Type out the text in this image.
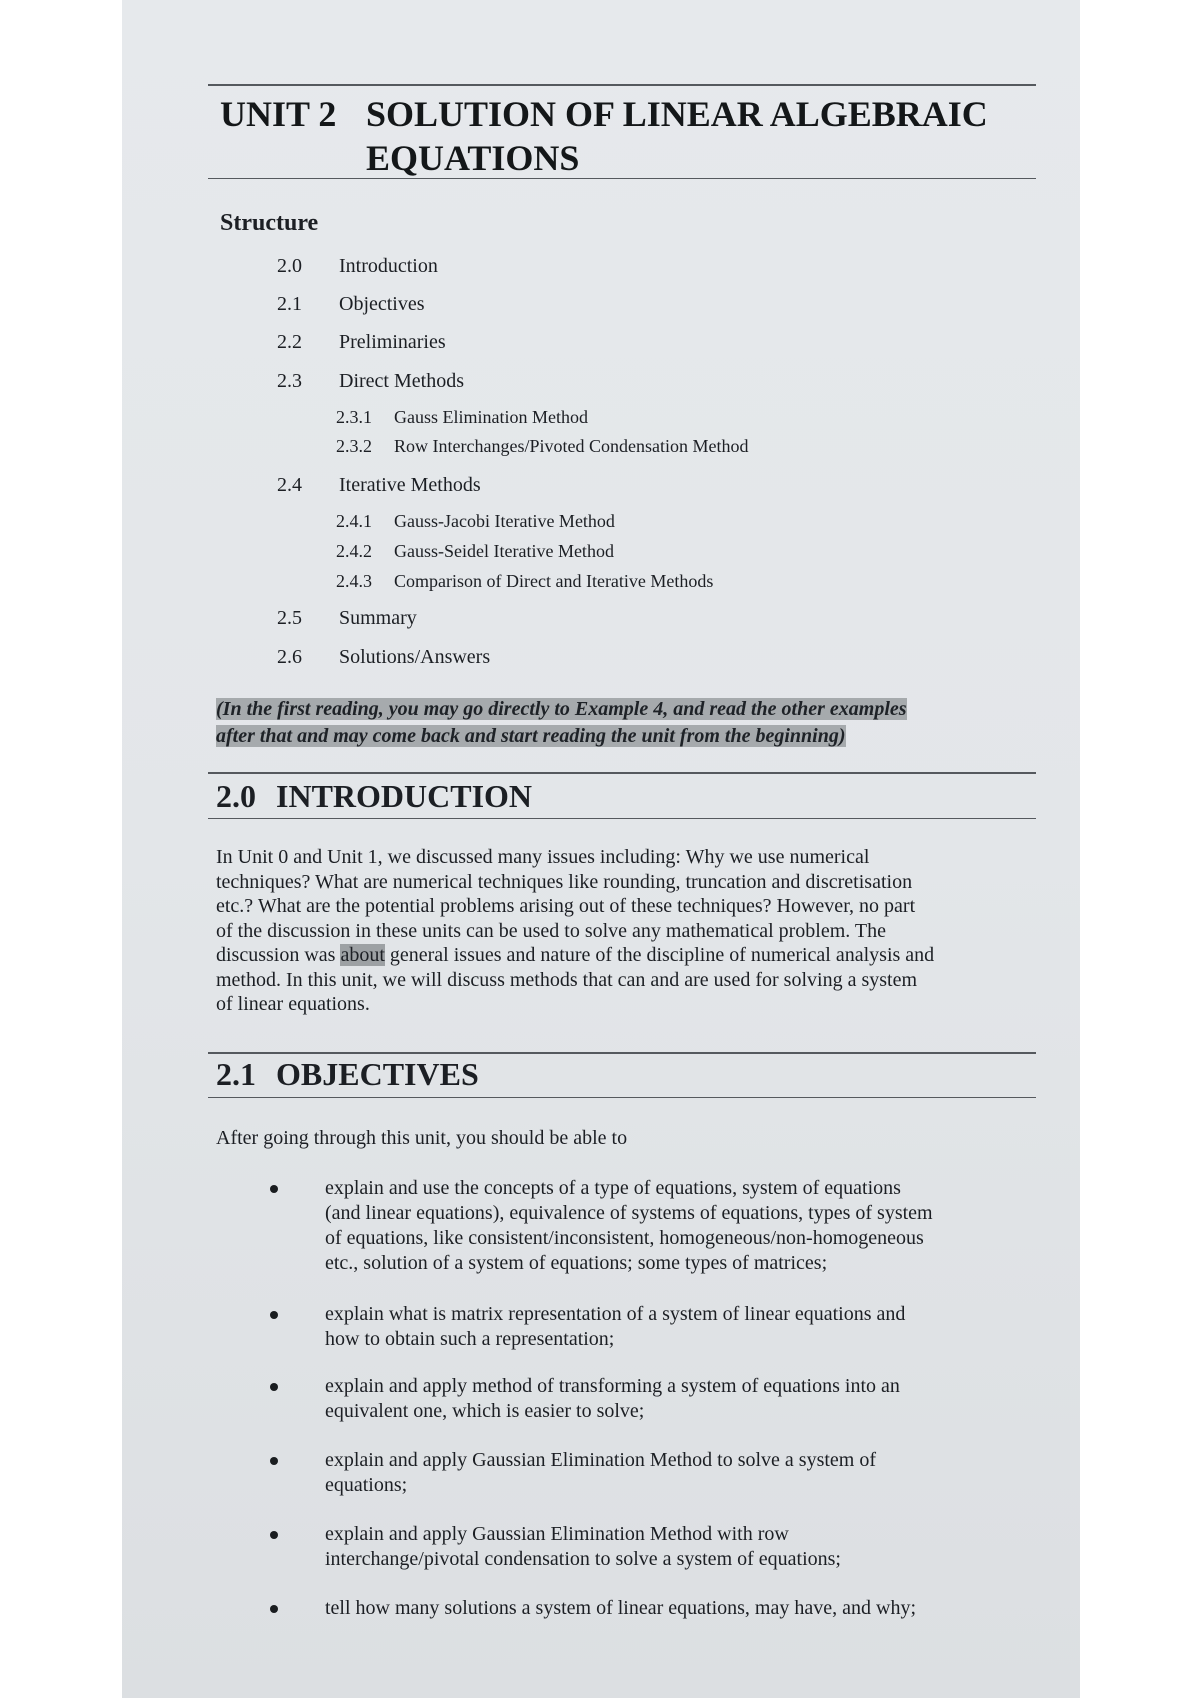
UNIT 2 SOLUTION OF LINEAR ALGEBRAIC
EQUATIONS
Structure
2.0 Introduction
2.1 Objectives
2.2 Preliminaries
2.3 Direct Methods
2.3.1 Gauss Elimination Method
2.3.2 Row Interchanges/Pivoted Condensation Method
2.4 Iterative Methods
2.4.1 Gauss-Jacobi Iterative Method
2.4.2 Gauss-Seidel Iterative Method
2.4.3 Comparison of Direct and Iterative Methods
2.5 Summary
2.6 Solutions/Answers
(In the first reading, you may go directly to Example 4, and read the other examples
after that and may come back and start reading the unit from the beginning)
2.0 INTRODUCTION
In Unit 0 and Unit 1, we discussed many issues including: Why we use numerical
techniques? What are numerical techniques like rounding, truncation and discretisation
etc.? What are the potential problems arising out of these techniques? However, no part
of the discussion in these units can be used to solve any mathematical problem. The
discussion was about general issues and nature of the discipline of numerical analysis and
method. In this unit, we will discuss methods that can and are used for solving a system
of linear equations.
2.1 OBJECTIVES
After going through this unit, you should be able to
explain and use the concepts of a type of equations, system of equations
(and linear equations), equivalence of systems of equations, types of system
of equations, like consistent/inconsistent, homogeneous/non-homogeneous
etc., solution of a system of equations; some types of matrices;
explain what is matrix representation of a system of linear equations and
how to obtain such a representation;
explain and apply method of transforming a system of equations into an
equivalent one, which is easier to solve;
explain and apply Gaussian Elimination Method to solve a system of
equations;
explain and apply Gaussian Elimination Method with row
interchange/pivotal condensation to solve a system of equations;
tell how many solutions a system of linear equations, may have, and why;
